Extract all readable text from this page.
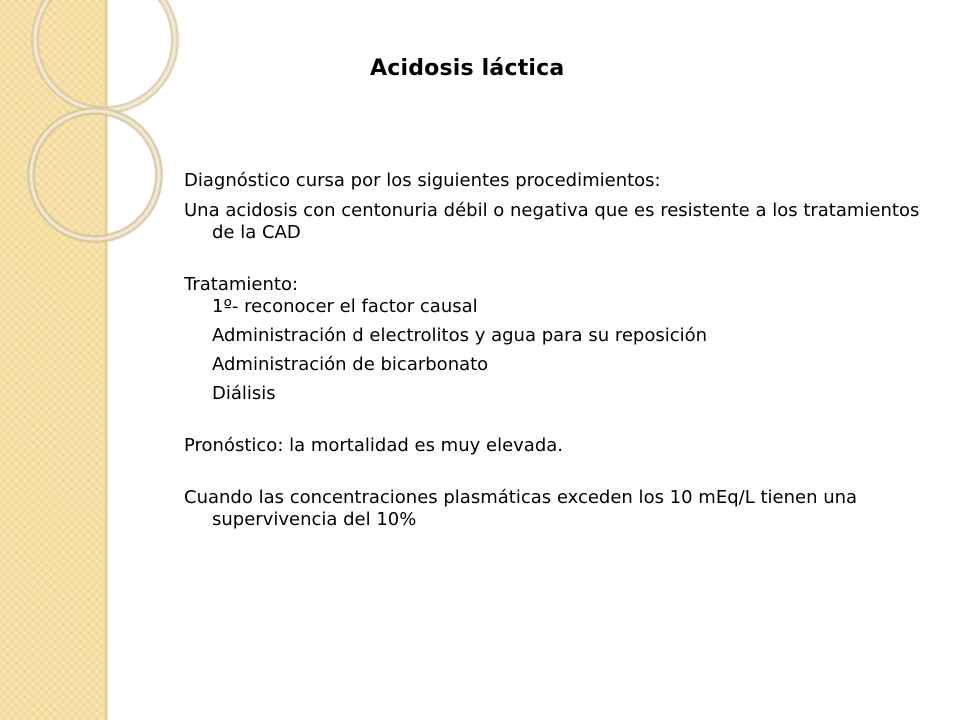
Acidosis láctica

Diagnóstico cursa por los siguientes procedimientos:

Una acidosis con centonuria débil o negativa que es resistente a los tratamientos de la CAD

Tratamiento:

1º- reconocer el factor causal

Administración d electrolitos y agua para su reposición

Administración de bicarbonato

Diálisis

Pronóstico: la mortalidad es muy elevada.

Cuando las concentraciones plasmáticas exceden los 10 mEq/L tienen una supervivencia del 10%
